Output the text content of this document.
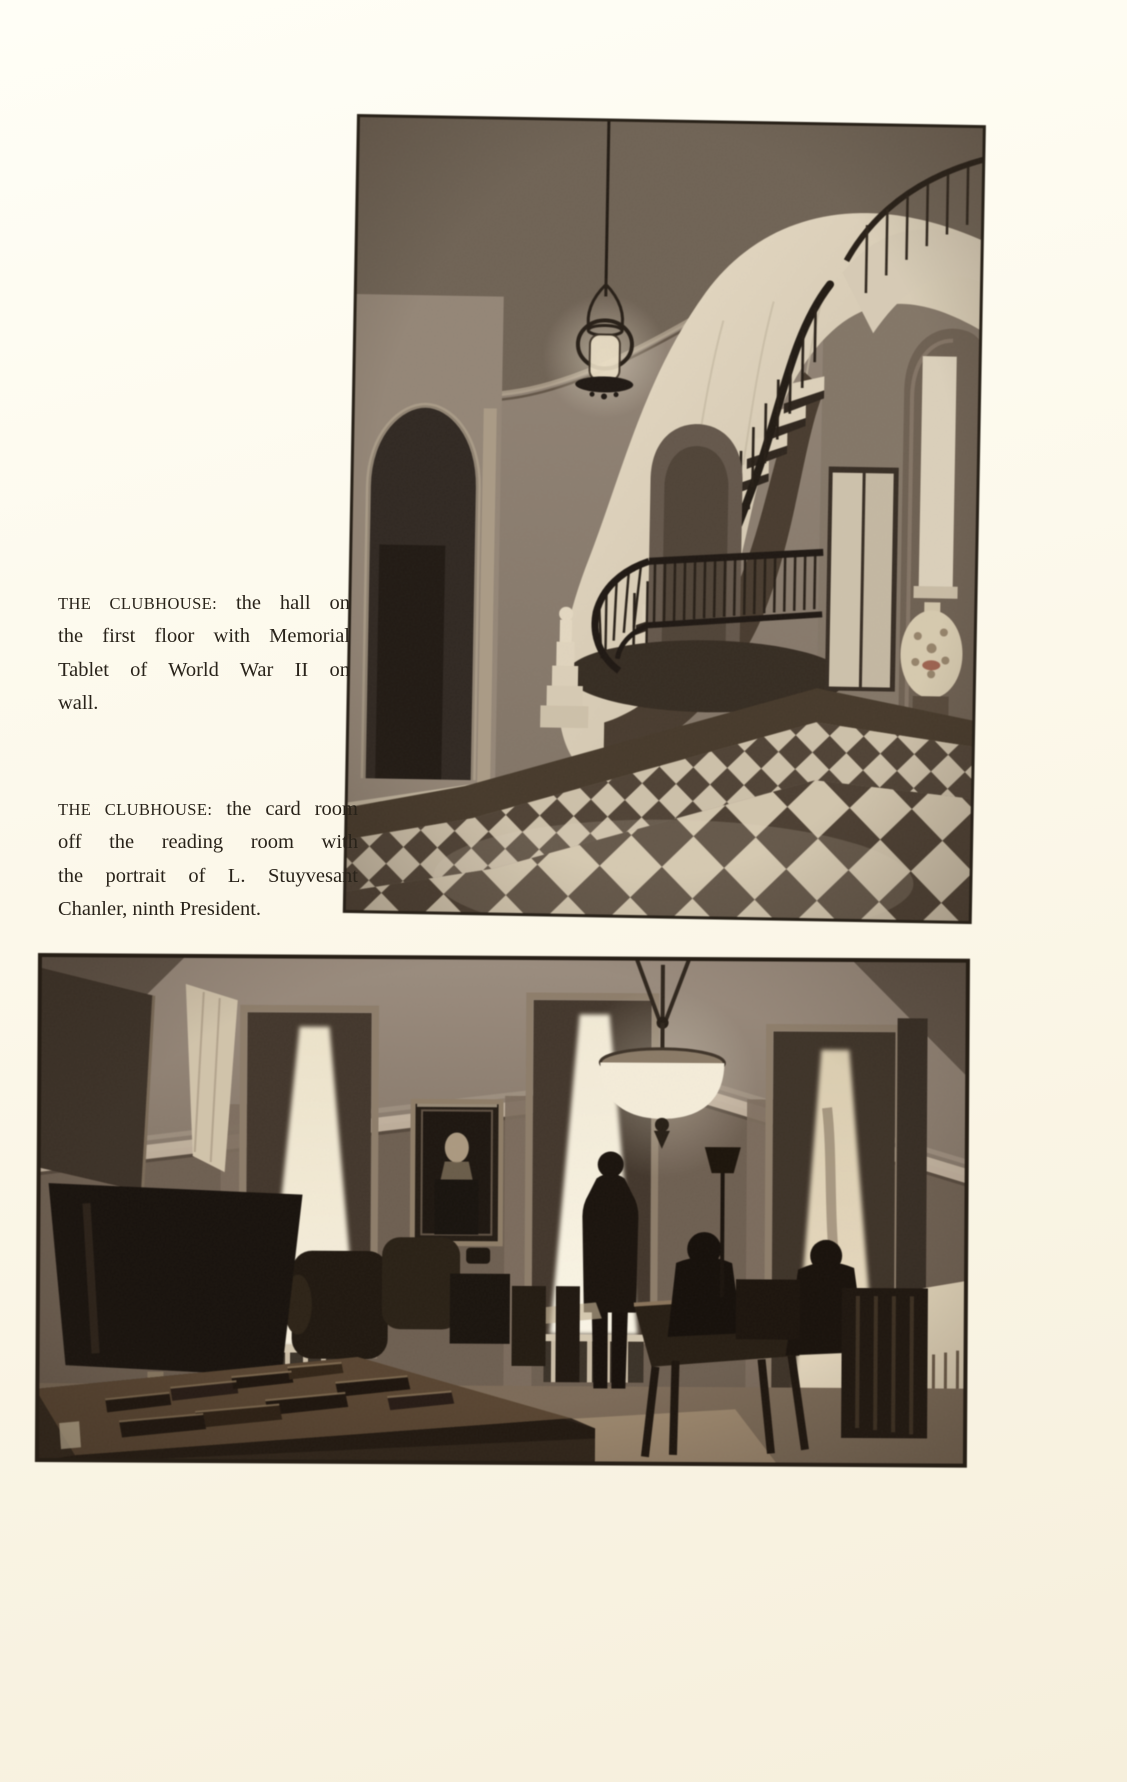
THE CLUBHOUSE: the hall on
the first floor with Memorial
Tablet of World War II on
wall.
THE CLUBHOUSE: the card room
off the reading room with
the portrait of L. Stuyvesant
Chanler, ninth President.
